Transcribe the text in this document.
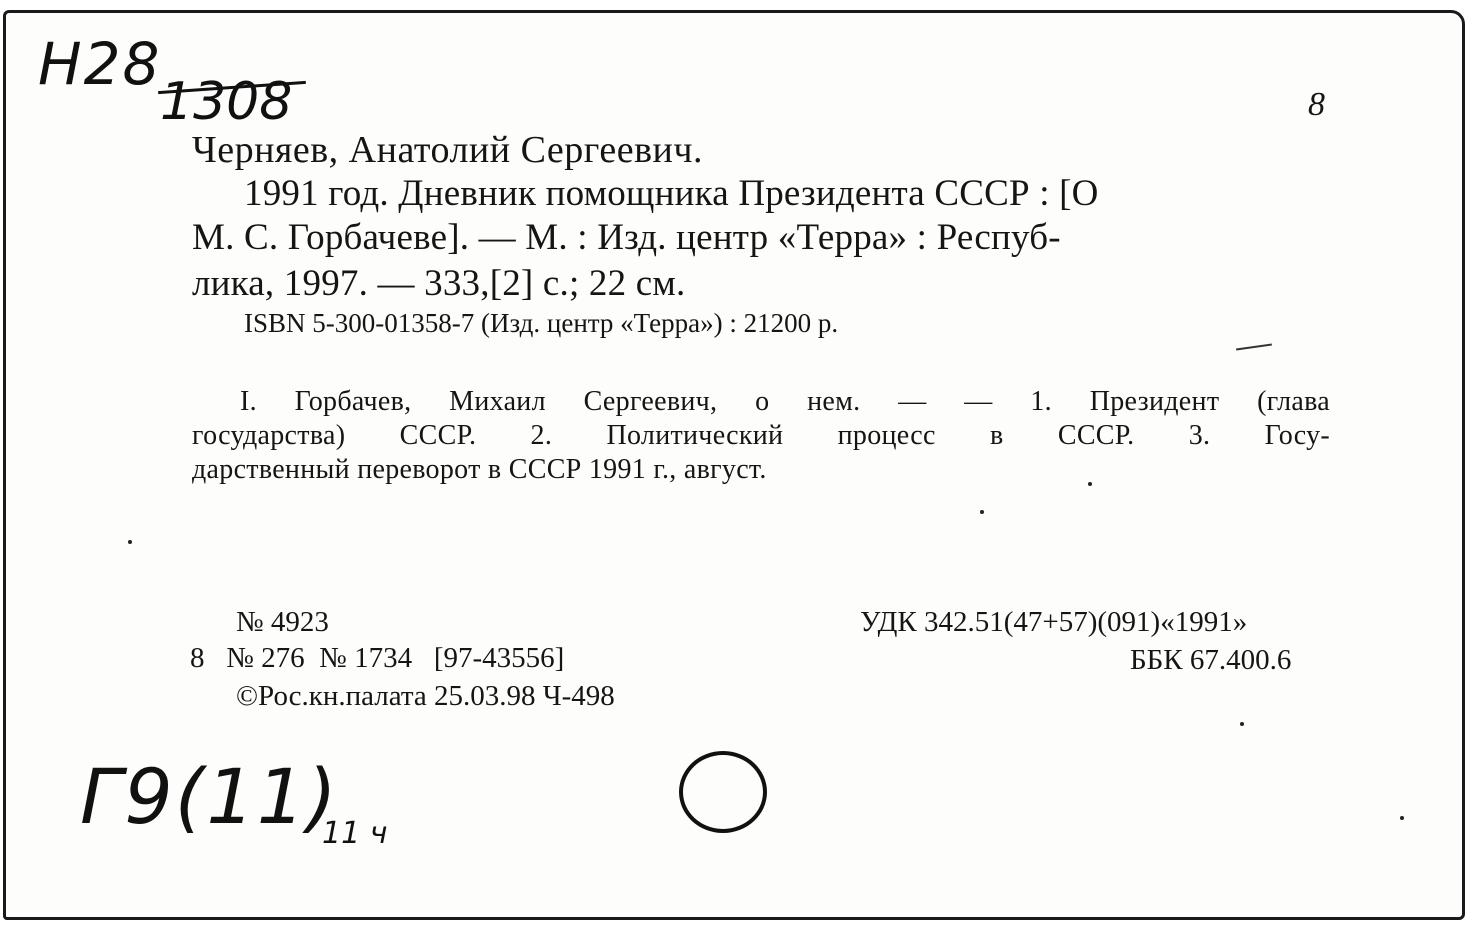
Н28
1308	8
Черняев, Анатолий Сергеевич.
1991 год. Дневник помощника Президента СССР : [О
М. С. Горбачеве]. — М. : Изд. центр «Терра» : Респуб-
лика, 1997. — 333,[2] с.; 22 см.
ISBN 5-300-01358-7 (Изд. центр «Терра») : 21200 р.
I. Горбачев, Михаил Сергеевич, о нем. — — 1. Президент (глава
государства) СССР. 2. Политический процесс в СССР. 3. Госу-
дарственный переворот в СССР 1991 г., август.
№ 4923
8   № 276  № 1734   [97-43556]
©Рос.кн.палата 25.03.98 Ч-498
УДК 342.51(47+57)(091)«1991»
ББК 67.400.6
Г9(11)
11 ч
